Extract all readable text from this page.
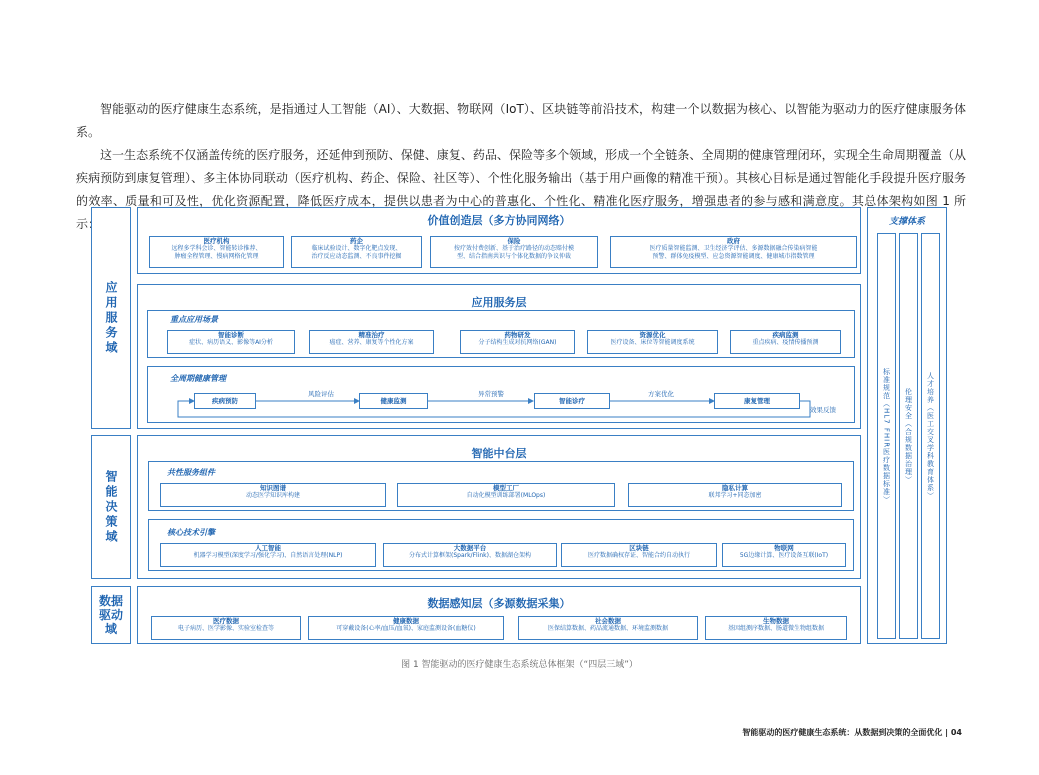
智能驱动的医疗健康生态系统，是指通过人工智能（AI）、大数据、物联网（IoT）、区块链等前沿技术，构建一个以数据为核心、以智能为驱动力的医疗健康服务体系。

这一生态系统不仅涵盖传统的医疗服务，还延伸到预防、保健、康复、药品、保险等多个领域，形成一个全链条、全周期的健康管理闭环，实现全生命周期覆盖（从疾病预防到康复管理）、多主体协同联动（医疗机构、药企、保险、社区等）、个性化服务输出（基于用户画像的精准干预）。其核心目标是通过智能化手段提升医疗服务的效率、质量和可及性，优化资源配置，降低医疗成本，提供以患者为中心的普惠化、个性化、精准化医疗服务，增强患者的参与感和满意度。其总体架构如图 1 所示：

应用服务域
智能决策域
数据驱动域
价值创造层（多方协同网络）
医疗机构
远程多学科会诊、智能转诊推荐、
肿瘤全程管理、慢病网格化管理
药企
临床试验设计、数字化靶点发现、
治疗反应动态监测、不良事件挖掘
保险
按疗效付费创新、基于治疗路径的动态赔付模
型、结合指南共识与个体化数据的争议仲裁
政府
医疗质量智能监测、卫生经济学评估、多源数据融合传染病智能
预警、群体免疫模型、应急资源智能调度、健康城市指数管理
应用服务层
重点应用场景
智能诊断
症状、病历语义、影像等AI分析
精准治疗
癌症、营养、康复等个性化方案
药物研发
分子结构生成对抗网络(GAN)
资源优化
医疗设备、床位等智能调度系统
疾病监测
重点疾病、疫情传播预测
全周期健康管理
疾病预防	健康监测	智能诊疗	康复管理
风险评估	异常预警	方案优化
效果反馈
智能中台层
共性服务组件
知识图谱
动态医学知识库构建
模型工厂
自动化模型训练部署(MLOps)
隐私计算
联邦学习+同态加密
核心技术引擎
人工智能
机器学习模型(深度学习/强化学习)、自然语言处理(NLP)
大数据平台
分布式计算框架(Spark/Flink)、数据湖仓架构
区块链
医疗数据确权存证、智能合约自动执行
物联网
5G边缘计算、医疗设备互联(IoT)
数据感知层（多源数据采集）
医疗数据
电子病历、医学影像、实验室检查等
健康数据
可穿戴设备(心率/血压/血氧)、家庭监测设备(血糖仪)
社会数据
医保结算数据、药品流通数据、环境监测数据
生物数据
基因组测序数据、肠道微生物组数据
支撑体系
标准规范（HL7 FHIR医疗数据标准） 伦理安全（合规数据治理） 人才培养（医工交叉学科教育体系）
图 1 智能驱动的医疗健康生态系统总体框架（“四层三域”）
智能驱动的医疗健康生态系统：从数据到决策的全面优化 | 04
